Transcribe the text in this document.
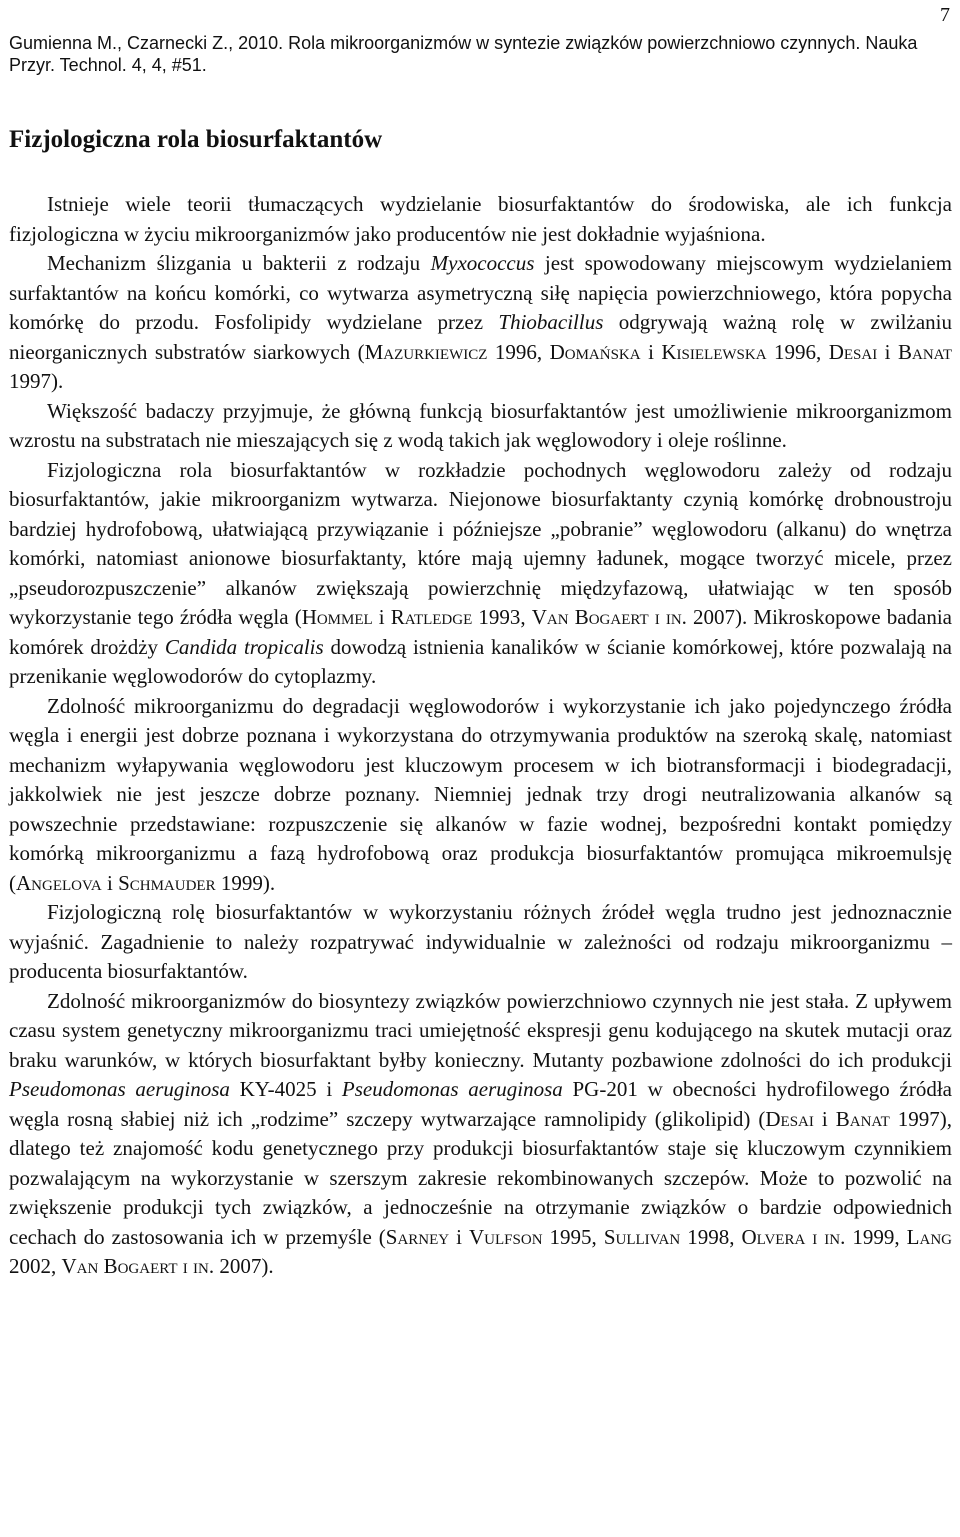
7
Gumienna M., Czarnecki Z., 2010. Rola mikroorganizmów w syntezie związków powierzchniowo czynnych. Nauka Przyr. Technol. 4, 4, #51.
Fizjologiczna rola biosurfaktantów

Istnieje wiele teorii tłumaczących wydzielanie biosurfaktantów do środowiska, ale ich funkcja fizjologiczna w życiu mikroorganizmów jako producentów nie jest dokładnie wyjaśniona.

Mechanizm ślizgania u bakterii z rodzaju Myxococcus jest spowodowany miejscowym wydzielaniem surfaktantów na końcu komórki, co wytwarza asymetryczną siłę napięcia powierzchniowego, która popycha komórkę do przodu. Fosfolipidy wydzielane przez Thiobacillus odgrywają ważną rolę w zwilżaniu nieorganicznych substratów siarkowych (Mazurkiewicz 1996, Domańska i Kisielewska 1996, Desai i Banat 1997).

Większość badaczy przyjmuje, że główną funkcją biosurfaktantów jest umożliwienie mikroorganizmom wzrostu na substratach nie mieszających się z wodą takich jak węglowodory i oleje roślinne.

Fizjologiczna rola biosurfaktantów w rozkładzie pochodnych węglowodoru zależy od rodzaju biosurfaktantów, jakie mikroorganizm wytwarza. Niejonowe biosurfaktanty czynią komórkę drobnoustroju bardziej hydrofobową, ułatwiającą przywiązanie i późniejsze „pobranie” węglowodoru (alkanu) do wnętrza komórki, natomiast anionowe biosurfaktanty, które mają ujemny ładunek, mogące tworzyć micele, przez „pseudorozpuszczenie” alkanów zwiększają powierzchnię międzyfazową, ułatwiając w ten sposób wykorzystanie tego źródła węgla (Hommel i Ratledge 1993, Van Bogaert i in. 2007). Mikroskopowe badania komórek drożdży Candida tropicalis dowodzą istnienia kanalików w ścianie komórkowej, które pozwalają na przenikanie węglowodorów do cytoplazmy.

Zdolność mikroorganizmu do degradacji węglowodorów i wykorzystanie ich jako pojedynczego źródła węgla i energii jest dobrze poznana i wykorzystana do otrzymywania produktów na szeroką skalę, natomiast mechanizm wyłapywania węglowodoru jest kluczowym procesem w ich biotransformacji i biodegradacji, jakkolwiek nie jest jeszcze dobrze poznany. Niemniej jednak trzy drogi neutralizowania alkanów są powszechnie przedstawiane: rozpuszczenie się alkanów w fazie wodnej, bezpośredni kontakt pomiędzy komórką mikroorganizmu a fazą hydrofobową oraz produkcja biosurfaktantów promująca mikroemulsję (Angelova i Schmauder 1999).

Fizjologiczną rolę biosurfaktantów w wykorzystaniu różnych źródeł węgla trudno jest jednoznacznie wyjaśnić. Zagadnienie to należy rozpatrywać indywidualnie w zależności od rodzaju mikroorganizmu – producenta biosurfaktantów.

Zdolność mikroorganizmów do biosyntezy związków powierzchniowo czynnych nie jest stała. Z upływem czasu system genetyczny mikroorganizmu traci umiejętność ekspresji genu kodującego na skutek mutacji oraz braku warunków, w których biosurfaktant byłby konieczny. Mutanty pozbawione zdolności do ich produkcji Pseudomonas aeruginosa KY-4025 i Pseudomonas aeruginosa PG-201 w obecności hydrofilowego źródła węgla rosną słabiej niż ich „rodzime” szczepy wytwarzające ramnolipidy (glikolipid) (Desai i Banat 1997), dlatego też znajomość kodu genetycznego przy produkcji biosurfaktantów staje się kluczowym czynnikiem pozwalającym na wykorzystanie w szerszym zakresie rekombinowanych szczepów. Może to pozwolić na zwiększenie produkcji tych związków, a jednocześnie na otrzymanie związków o bardzie odpowiednich cechach do zastosowania ich w przemyśle (Sarney i Vulfson 1995, Sullivan 1998, Olvera i in. 1999, Lang 2002, Van Bogaert i in. 2007).
